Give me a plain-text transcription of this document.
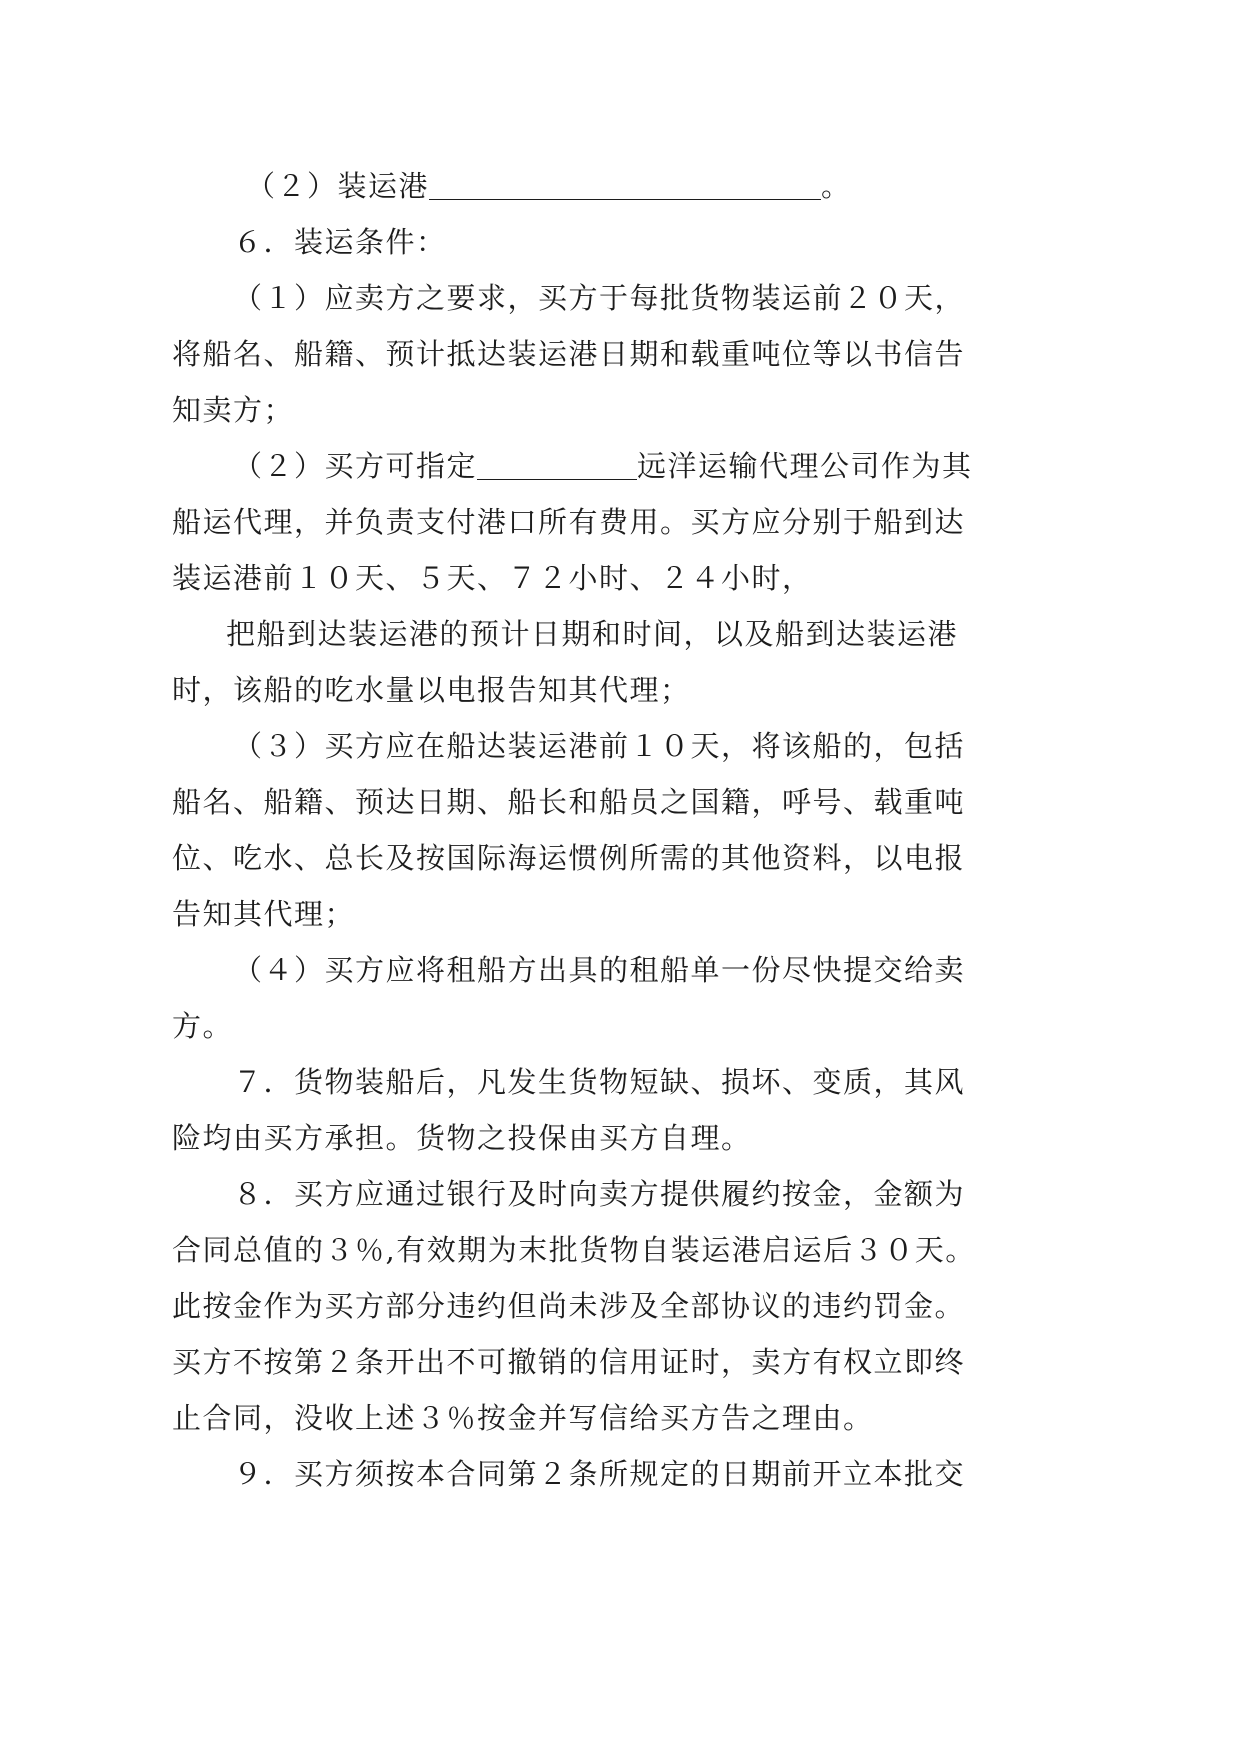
（２）装运港	。
６．装运条件：
（１）应卖方之要求，买方于每批货物装运前２０天，
将船名、船籍、预计抵达装运港日期和载重吨位等以书信告
知卖方；
（２）买方可指定	远洋运输代理公司作为其
船运代理，并负责支付港口所有费用。买方应分别于船到达
装运港前１０天、５天、７２小时、２４小时，
把船到达装运港的预计日期和时间，以及船到达装运港
时，该船的吃水量以电报告知其代理；
（３）买方应在船达装运港前１０天，将该船的，包括
船名、船籍、预达日期、船长和船员之国籍，呼号、载重吨
位、吃水、总长及按国际海运惯例所需的其他资料，以电报
告知其代理；
（４）买方应将租船方出具的租船单一份尽快提交给卖
方。
７．货物装船后，凡发生货物短缺、损坏、变质，其风
险均由买方承担。货物之投保由买方自理。
８．买方应通过银行及时向卖方提供履约按金，金额为
合同总值的３％,有效期为末批货物自装运港启运后３０天。
此按金作为买方部分违约但尚未涉及全部协议的违约罚金。
买方不按第２条开出不可撤销的信用证时，卖方有权立即终
止合同，没收上述３％按金并写信给买方告之理由。
９．买方须按本合同第２条所规定的日期前开立本批交
